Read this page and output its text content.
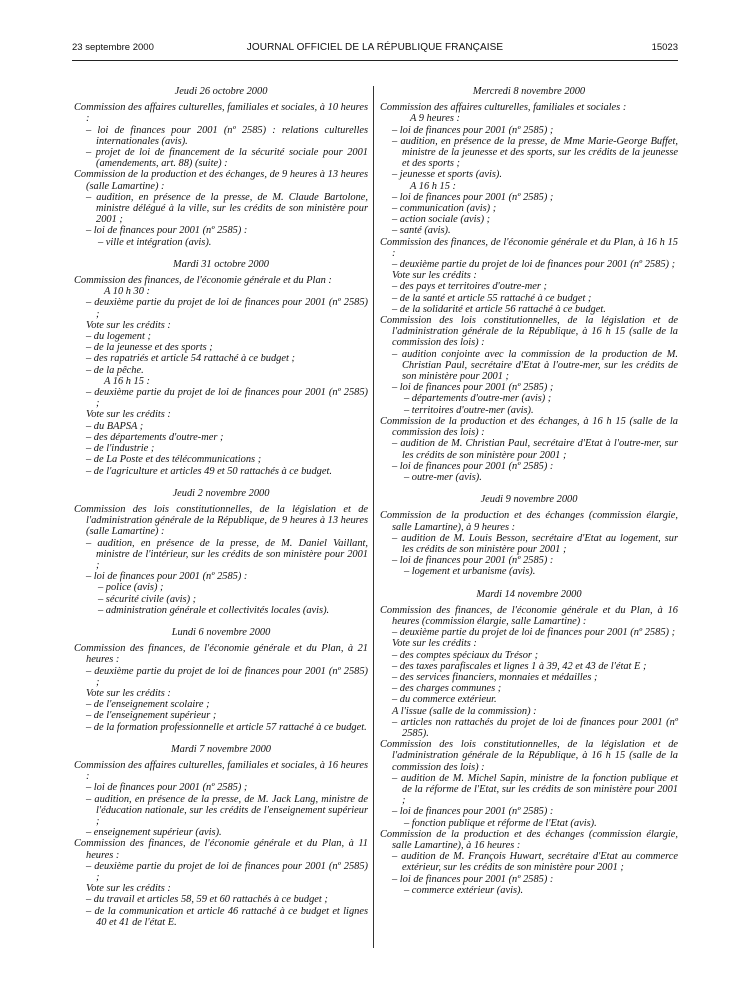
23 septembre 2000	JOURNAL OFFICIEL DE LA RÉPUBLIQUE FRANÇAISE	15023
Jeudi 26 octobre 2000
Commission des affaires culturelles, familiales et sociales, à 10 heures :
– loi de finances pour 2001 (nº 2585) : relations culturelles internationales (avis).
– projet de loi de financement de la sécurité sociale pour 2001 (amendements, art. 88) (suite) :
Commission de la production et des échanges, de 9 heures à 13 heures (salle Lamartine) :
– audition, en présence de la presse, de M. Claude Bartolone, ministre délégué à la ville, sur les crédits de son ministère pour 2001 ;
– loi de finances pour 2001 (nº 2585) :
– ville et intégration (avis).
Mardi 31 octobre 2000
Commission des finances, de l'économie générale et du Plan :
A 10 h 30 :
– deuxième partie du projet de loi de finances pour 2001 (nº 2585) ;
Vote sur les crédits :
– du logement ;
– de la jeunesse et des sports ;
– des rapatriés et article 54 rattaché à ce budget ;
– de la pêche.
A 16 h 15 :
– deuxième partie du projet de loi de finances pour 2001 (nº 2585) ;
Vote sur les crédits :
– du BAPSA ;
– des départements d'outre-mer ;
– de l'industrie ;
– de La Poste et des télécommunications ;
– de l'agriculture et articles 49 et 50 rattachés à ce budget.
Jeudi 2 novembre 2000
Commission des lois constitutionnelles, de la législation et de l'administration générale de la République, de 9 heures à 13 heures (salle Lamartine) :
– audition, en présence de la presse, de M. Daniel Vaillant, ministre de l'intérieur, sur les crédits de son ministère pour 2001 ;
– loi de finances pour 2001 (nº 2585) :
– police (avis) ;
– sécurité civile (avis) ;
– administration générale et collectivités locales (avis).
Lundi 6 novembre 2000
Commission des finances, de l'économie générale et du Plan, à 21 heures :
– deuxième partie du projet de loi de finances pour 2001 (nº 2585) ;
Vote sur les crédits :
– de l'enseignement scolaire ;
– de l'enseignement supérieur ;
– de la formation professionnelle et article 57 rattaché à ce budget.
Mardi 7 novembre 2000
Commission des affaires culturelles, familiales et sociales, à 16 heures :
– loi de finances pour 2001 (nº 2585) ;
– audition, en présence de la presse, de M. Jack Lang, ministre de l'éducation nationale, sur les crédits de l'enseignement supérieur ;
– enseignement supérieur (avis).
Commission des finances, de l'économie générale et du Plan, à 11 heures :
– deuxième partie du projet de loi de finances pour 2001 (nº 2585) ;
Vote sur les crédits :
– du travail et articles 58, 59 et 60 rattachés à ce budget ;
– de la communication et article 46 rattaché à ce budget et lignes 40 et 41 de l'état E.
Mercredi 8 novembre 2000
Commission des affaires culturelles, familiales et sociales :
A 9 heures :
– loi de finances pour 2001 (nº 2585) ;
– audition, en présence de la presse, de Mme Marie-George Buffet, ministre de la jeunesse et des sports, sur les crédits de la jeunesse et des sports ;
– jeunesse et sports (avis).
A 16 h 15 :
– loi de finances pour 2001 (nº 2585) ;
– communication (avis) ;
– action sociale (avis) ;
– santé (avis).
Commission des finances, de l'économie générale et du Plan, à 16 h 15 :
– deuxième partie du projet de loi de finances pour 2001 (nº 2585) ;
Vote sur les crédits :
– des pays et territoires d'outre-mer ;
– de la santé et article 55 rattaché à ce budget ;
– de la solidarité et article 56 rattaché à ce budget.
Commission des lois constitutionnelles, de la législation et de l'administration générale de la République, à 16 h 15 (salle de la commission des lois) :
– audition conjointe avec la commission de la production de M. Christian Paul, secrétaire d'Etat à l'outre-mer, sur les crédits de son ministère pour 2001 ;
– loi de finances pour 2001 (nº 2585) ;
– départements d'outre-mer (avis) ;
– territoires d'outre-mer (avis).
Commission de la production et des échanges, à 16 h 15 (salle de la commission des lois) :
– audition de M. Christian Paul, secrétaire d'Etat à l'outre-mer, sur les crédits de son ministère pour 2001 ;
– loi de finances pour 2001 (nº 2585) :
– outre-mer (avis).
Jeudi 9 novembre 2000
Commission de la production et des échanges (commission élargie, salle Lamartine), à 9 heures :
– audition de M. Louis Besson, secrétaire d'Etat au logement, sur les crédits de son ministère pour 2001 ;
– loi de finances pour 2001 (nº 2585) :
– logement et urbanisme (avis).
Mardi 14 novembre 2000
Commission des finances, de l'économie générale et du Plan, à 16 heures (commission élargie, salle Lamartine) :
– deuxième partie du projet de loi de finances pour 2001 (nº 2585) ;
Vote sur les crédits :
– des comptes spéciaux du Trésor ;
– des taxes parafiscales et lignes 1 à 39, 42 et 43 de l'état E ;
– des services financiers, monnaies et médailles ;
– des charges communes ;
– du commerce extérieur.
A l'issue (salle de la commission) :
– articles non rattachés du projet de loi de finances pour 2001 (nº 2585).
Commission des lois constitutionnelles, de la législation et de l'administration générale de la République, à 16 h 15 (salle de la commission des lois) :
– audition de M. Michel Sapin, ministre de la fonction publique et de la réforme de l'Etat, sur les crédits de son ministère pour 2001 ;
– loi de finances pour 2001 (nº 2585) :
– fonction publique et réforme de l'Etat (avis).
Commission de la production et des échanges (commission élargie, salle Lamartine), à 16 heures :
– audition de M. François Huwart, secrétaire d'Etat au commerce extérieur, sur les crédits de son ministère pour 2001 ;
– loi de finances pour 2001 (nº 2585) :
– commerce extérieur (avis).
